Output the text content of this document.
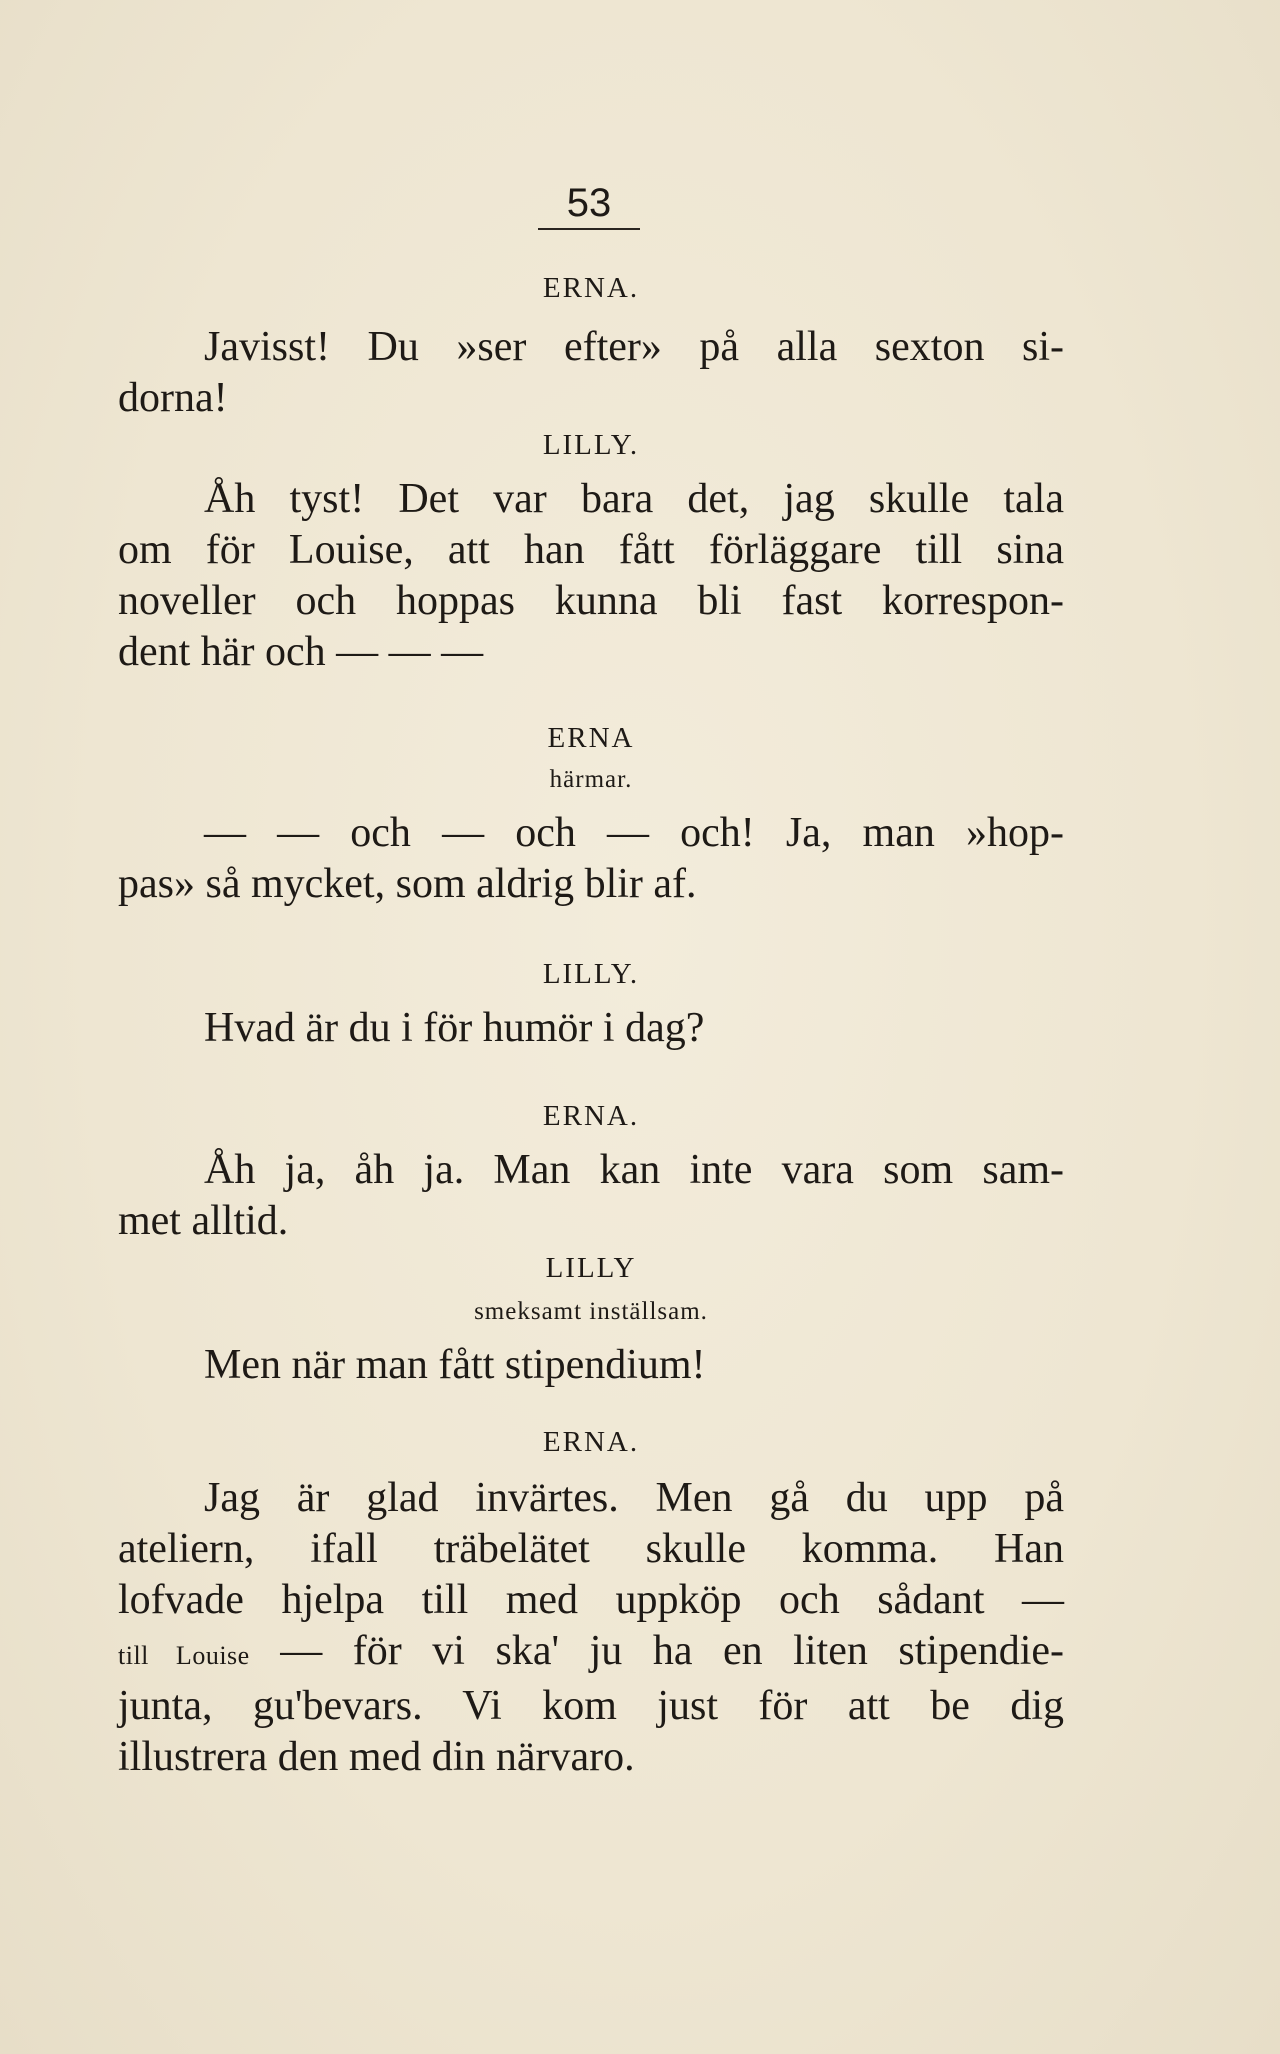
53
ERNA.
Javisst! Du »ser efter» på alla sexton si-
dorna!
LILLY.
Åh tyst! Det var bara det, jag skulle tala
om för Louise, att han fått förläggare till sina
noveller och hoppas kunna bli fast korrespon-
dent här och — — —
ERNA
härmar.
— — och — och — och! Ja, man »hop-
pas» så mycket, som aldrig blir af.
LILLY.
Hvad är du i för humör i dag?
ERNA.
Åh ja, åh ja. Man kan inte vara som sam-
met alltid.
LILLY
smeksamt inställsam.
Men när man fått stipendium!
ERNA.
Jag är glad invärtes. Men gå du upp på
ateliern, ifall träbelätet skulle komma. Han
lofvade hjelpa till med uppköp och sådant —
till Louise — för vi ska' ju ha en liten stipendie-
junta, gu'bevars. Vi kom just för att be dig
illustrera den med din närvaro.
